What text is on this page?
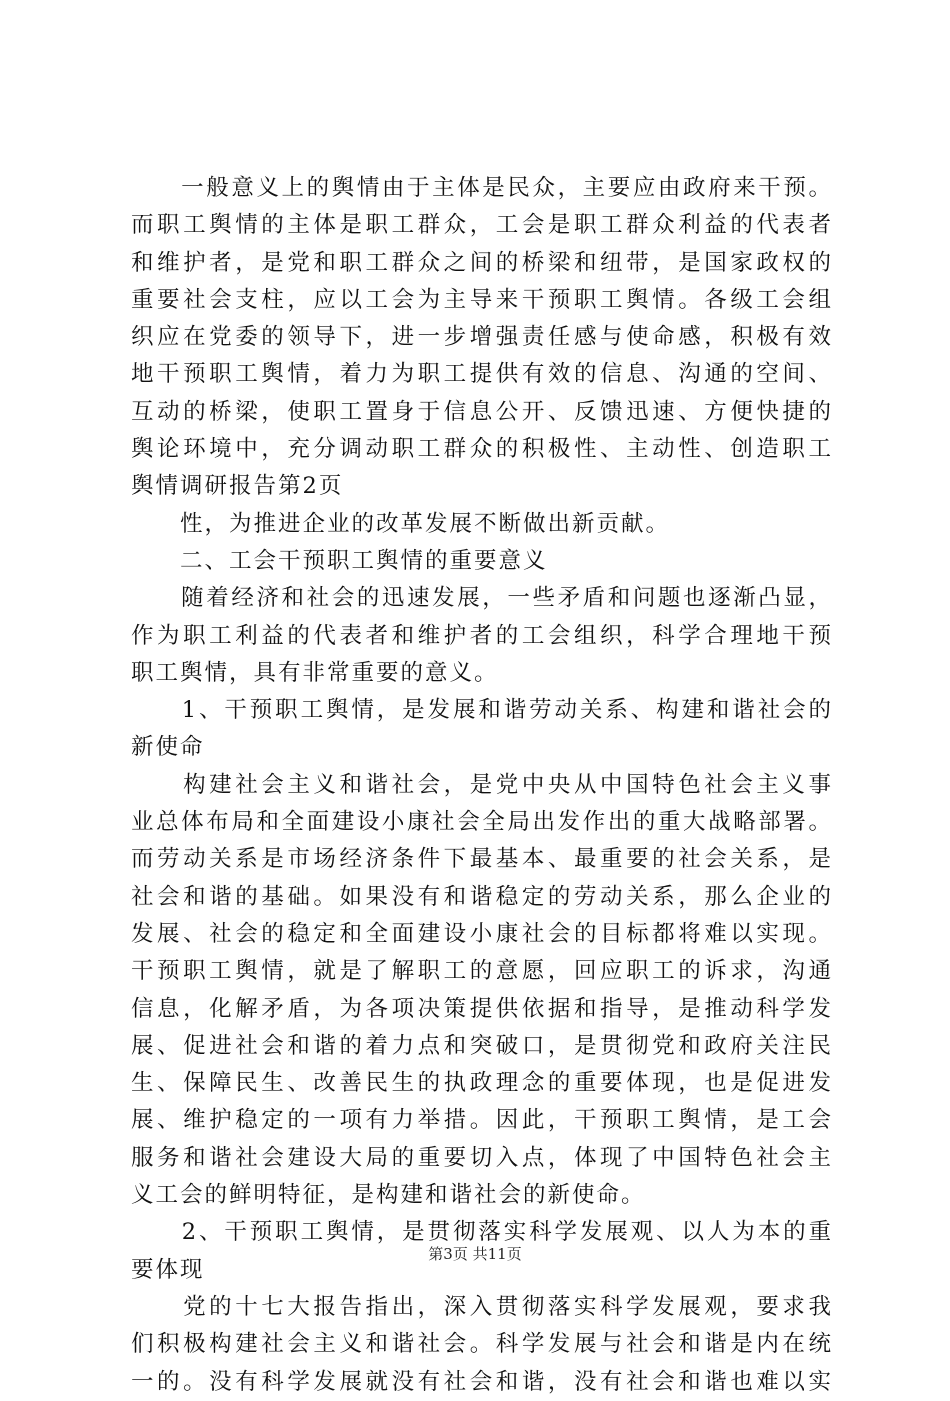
　　一般意义上的舆情由于主体是民众，主要应由政府来干预。
而职工舆情的主体是职工群众，工会是职工群众利益的代表者
和维护者，是党和职工群众之间的桥梁和纽带，是国家政权的
重要社会支柱，应以工会为主导来干预职工舆情。各级工会组
织应在党委的领导下，进一步增强责任感与使命感，积极有效
地干预职工舆情，着力为职工提供有效的信息、沟通的空间、
互动的桥梁，使职工置身于信息公开、反馈迅速、方便快捷的
舆论环境中，充分调动职工群众的积极性、主动性、创造职工
舆情调研报告第2页
　　性，为推进企业的改革发展不断做出新贡献。
　　二、工会干预职工舆情的重要意义
　　随着经济和社会的迅速发展，一些矛盾和问题也逐渐凸显，
作为职工利益的代表者和维护者的工会组织，科学合理地干预
职工舆情，具有非常重要的意义。
　　1、干预职工舆情，是发展和谐劳动关系、构建和谐社会的
新使命
　　构建社会主义和谐社会，是党中央从中国特色社会主义事
业总体布局和全面建设小康社会全局出发作出的重大战略部署。
而劳动关系是市场经济条件下最基本、最重要的社会关系，是
社会和谐的基础。如果没有和谐稳定的劳动关系，那么企业的
发展、社会的稳定和全面建设小康社会的目标都将难以实现。
干预职工舆情，就是了解职工的意愿，回应职工的诉求，沟通
信息，化解矛盾，为各项决策提供依据和指导，是推动科学发
展、促进社会和谐的着力点和突破口，是贯彻党和政府关注民
生、保障民生、改善民生的执政理念的重要体现，也是促进发
展、维护稳定的一项有力举措。因此，干预职工舆情，是工会
服务和谐社会建设大局的重要切入点，体现了中国特色社会主
义工会的鲜明特征，是构建和谐社会的新使命。
　　2、干预职工舆情，是贯彻落实科学发展观、以人为本的重
要体现
　　党的十七大报告指出，深入贯彻落实科学发展观，要求我
们积极构建社会主义和谐社会。科学发展与社会和谐是内在统
一的。没有科学发展就没有社会和谐，没有社会和谐也难以实
第3页 共11页
